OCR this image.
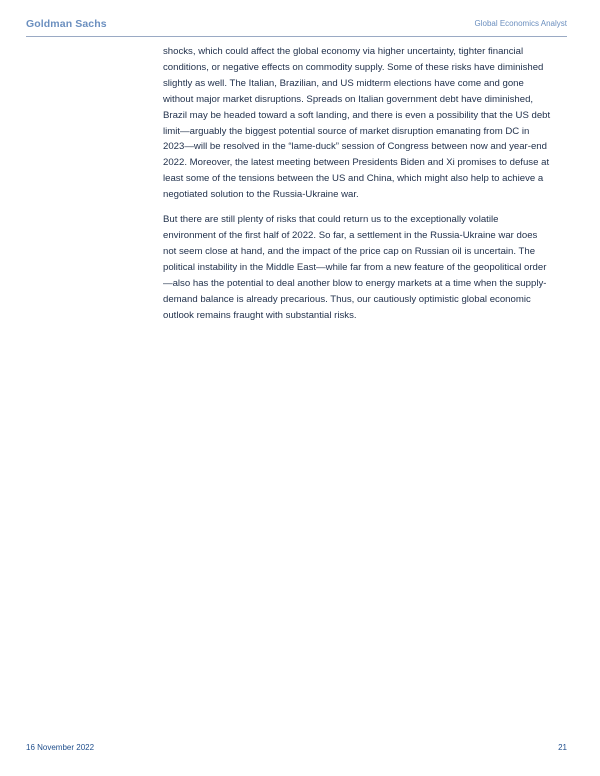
Goldman Sachs	Global Economics Analyst

shocks, which could affect the global economy via higher uncertainty, tighter financial conditions, or negative effects on commodity supply. Some of these risks have diminished slightly as well. The Italian, Brazilian, and US midterm elections have come and gone without major market disruptions. Spreads on Italian government debt have diminished, Brazil may be headed toward a soft landing, and there is even a possibility that the US debt limit—arguably the biggest potential source of market disruption emanating from DC in 2023—will be resolved in the “lame-duck” session of Congress between now and year-end 2022. Moreover, the latest meeting between Presidents Biden and Xi promises to defuse at least some of the tensions between the US and China, which might also help to achieve a negotiated solution to the Russia-Ukraine war.

But there are still plenty of risks that could return us to the exceptionally volatile environment of the first half of 2022. So far, a settlement in the Russia-Ukraine war does not seem close at hand, and the impact of the price cap on Russian oil is uncertain. The political instability in the Middle East—while far from a new feature of the geopolitical order—also has the potential to deal another blow to energy markets at a time when the supply-demand balance is already precarious. Thus, our cautiously optimistic global economic outlook remains fraught with substantial risks.

16 November 2022	21
